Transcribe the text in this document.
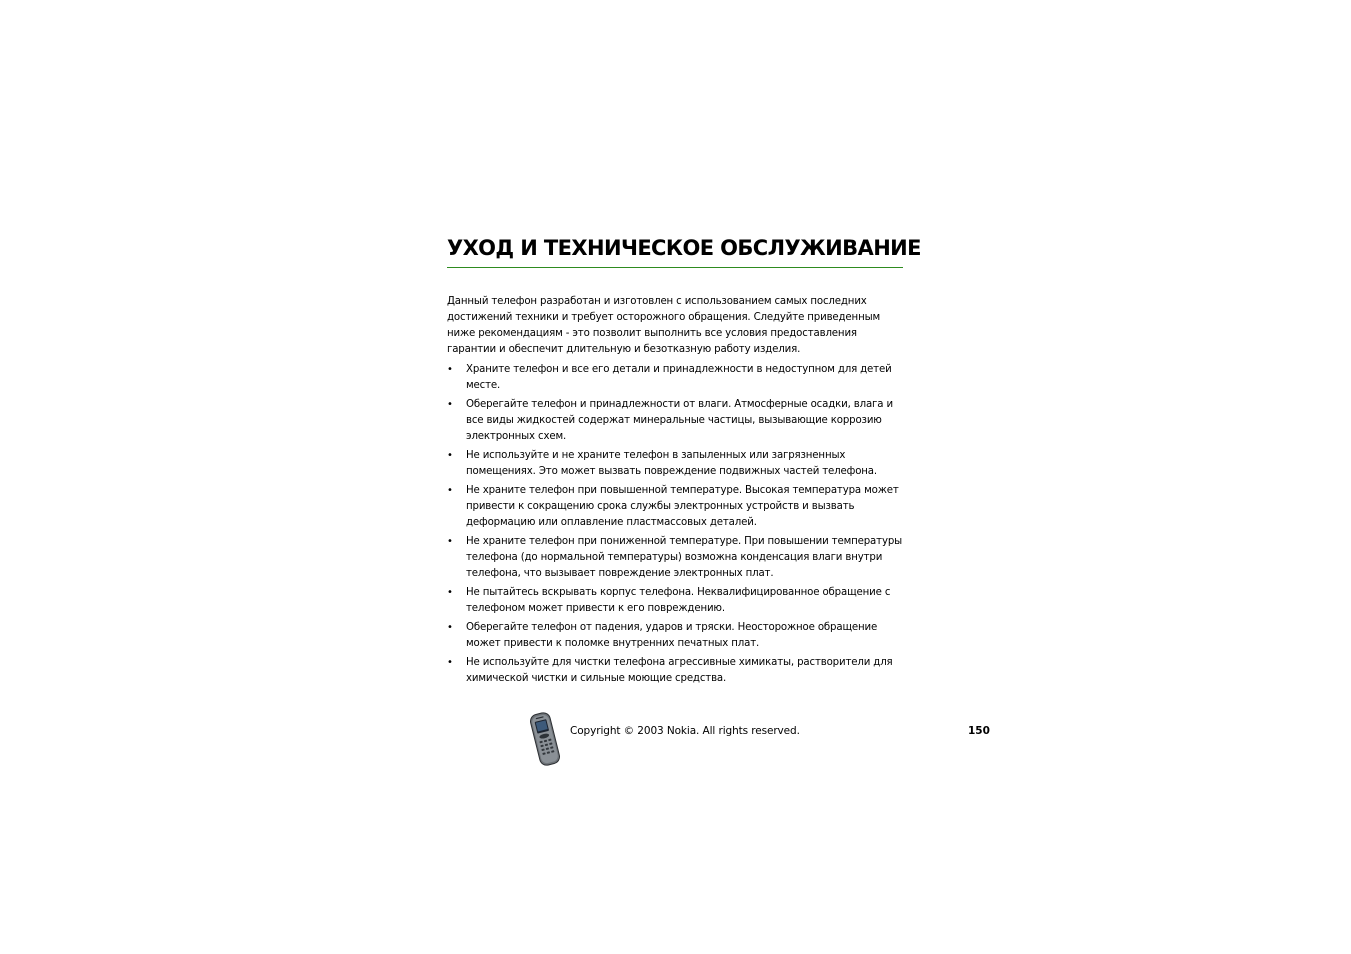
УХОД И ТЕХНИЧЕСКОЕ ОБСЛУЖИВАНИЕ

Данный телефон разработан и изготовлен с использованием самых последних достижений техники и требует осторожного обращения. Следуйте приведенным ниже рекомендациям - это позволит выполнить все условия предоставления гарантии и обеспечит длительную и безотказную работу изделия.

• Храните телефон и все его детали и принадлежности в недоступном для детей месте.
• Оберегайте телефон и принадлежности от влаги. Атмосферные осадки, влага и все виды жидкостей содержат минеральные частицы, вызывающие коррозию электронных схем.
• Не используйте и не храните телефон в запыленных или загрязненных помещениях. Это может вызвать повреждение подвижных частей телефона.
• Не храните телефон при повышенной температуре. Высокая температура может привести к сокращению срока службы электронных устройств и вызвать деформацию или оплавление пластмассовых деталей.
• Не храните телефон при пониженной температуре. При повышении температуры телефона (до нормальной температуры) возможна конденсация влаги внутри телефона, что вызывает повреждение электронных плат.
• Не пытайтесь вскрывать корпус телефона. Неквалифицированное обращение с телефоном может привести к его повреждению.
• Оберегайте телефон от падения, ударов и тряски. Неосторожное обращение может привести к поломке внутренних печатных плат.
• Не используйте для чистки телефона агрессивные химикаты, растворители для химической чистки и сильные моющие средства.
Copyright © 2003 Nokia. All rights reserved.	150
